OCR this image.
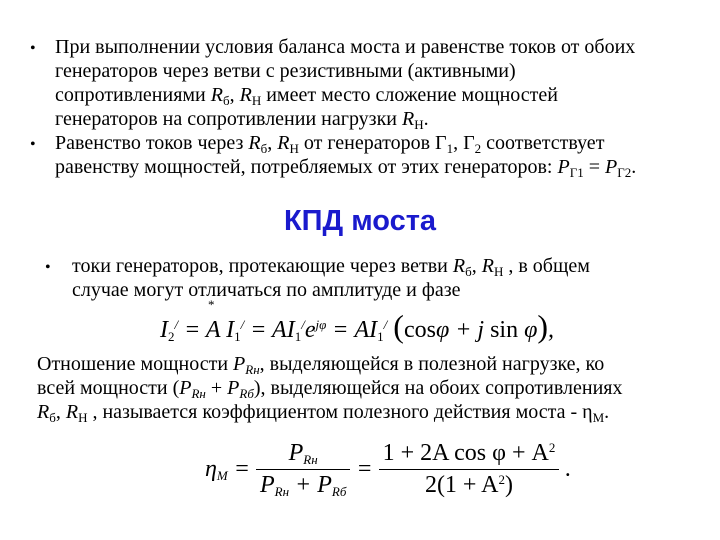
• При выполнении условия баланса моста и равенстве токов от обоих
генераторов через ветви с резистивными (активными)
сопротивлениями $R_б$, $R_Н$ имеет место сложение мощностей
генераторов на сопротивлении нагрузки $R_Н$.
• Равенство токов через $R_б$, $R_Н$ от генераторов $Г_1$, $Г_2$ соответствует
равенству мощностей, потребляемых от этих генераторов: $P_{Г1} = P_{Г2}$.
КПД моста
• токи генераторов, протекающие через ветви $R_б$, $R_Н$ , в общем
случае могут отличаться по амплитуде и фазе
*
$I_2^/ = A$ $I_1^/ = AI_1^/e^{j\varphi} = AI_1^/$ (cosφ + j sin φ),
Отношение мощности $P_{Rн}$, выделяющейся в полезной нагрузке, ко
всей мощности $(P_{Rн} + P_{Rб})$, выделяющейся на обоих сопротивлениях
$R_б$, $R_Н$ , называется коэффициентом полезного действия моста - $\eta_М$.
$\eta_М = \frac{P_{Rн}}{P_{Rн} + P_{Rб}} = \frac{1 + 2A \cos \varphi + A^2}{2(1 + A^2)}$ .
